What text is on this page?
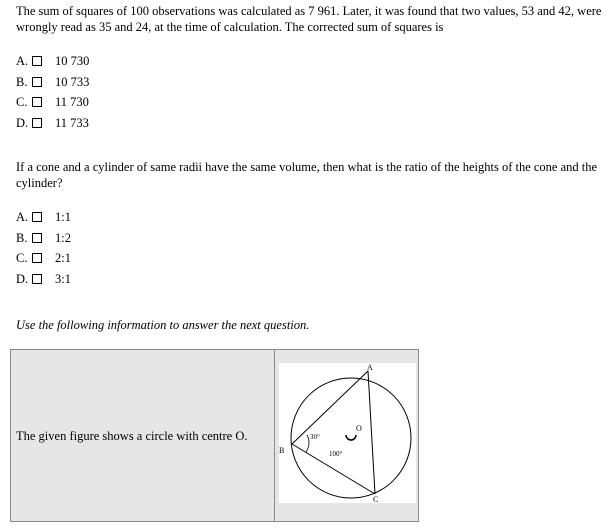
The sum of squares of 100 observations was calculated as 7 961. Later, it was found that two values, 53 and 42, were wrongly read as 35 and 24, at the time of calculation. The corrected sum of squares is
A.	10 730
B.	10 733
C.	11 730
D.	11 733
If a cone and a cylinder of same radii have the same volume, then what is the ratio of the heights of the cone and the cylinder?
A.	1:1
B.	1:2
C.	2:1
D.	3:1
Use the following information to answer the next question.
The given figure shows a circle with centre O.	30°
100°
A
B
C
O
